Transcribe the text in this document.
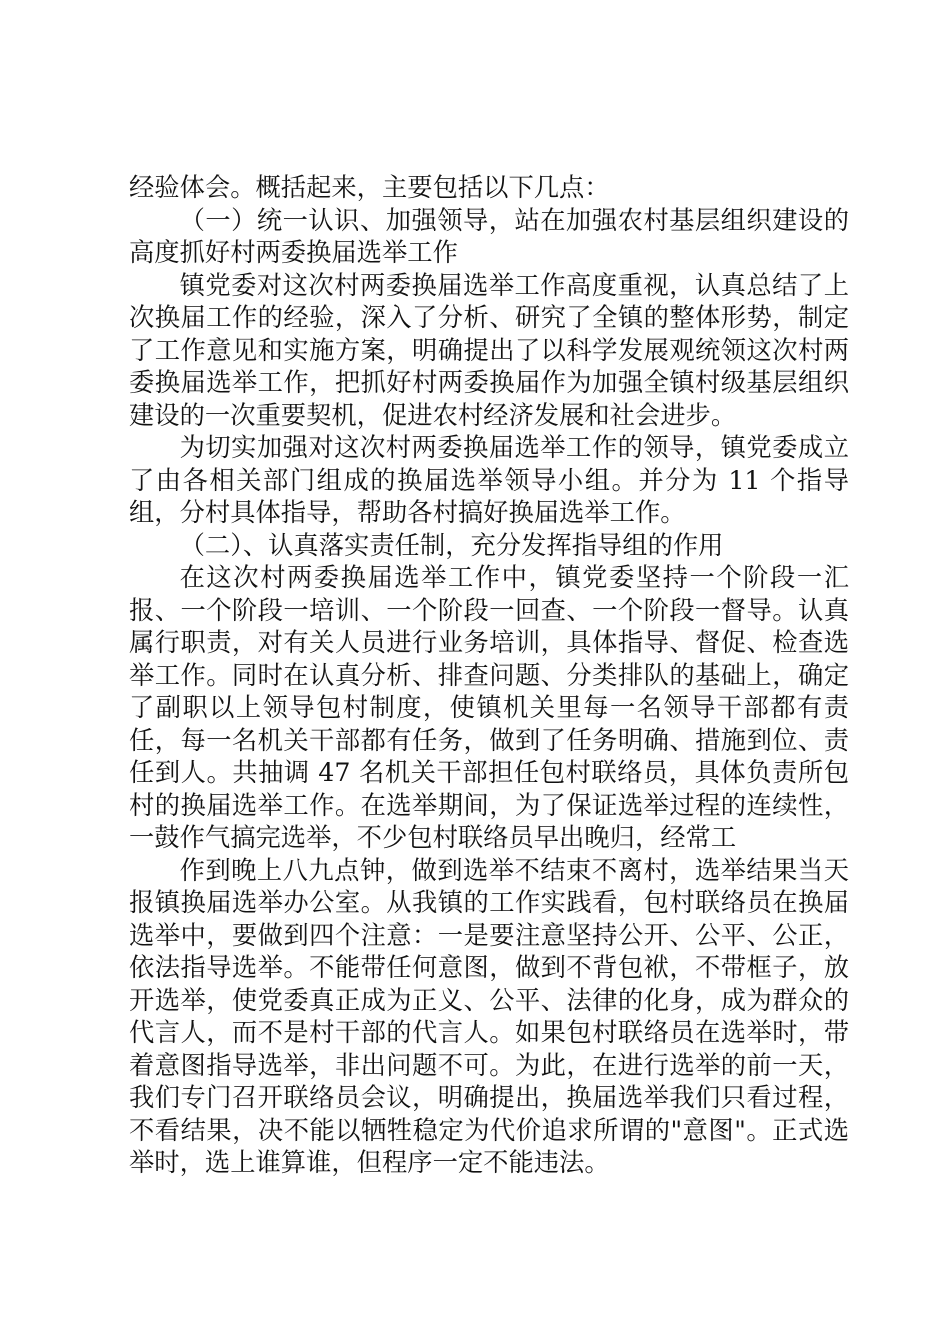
经验体会。概括起来，主要包括以下几点：

（一）统一认识、加强领导，站在加强农村基层组织建设的高度抓好村两委换届选举工作

镇党委对这次村两委换届选举工作高度重视，认真总结了上次换届工作的经验，深入了分析、研究了全镇的整体形势，制定了工作意见和实施方案，明确提出了以科学发展观统领这次村两委换届选举工作，把抓好村两委换届作为加强全镇村级基层组织建设的一次重要契机，促进农村经济发展和社会进步。

为切实加强对这次村两委换届选举工作的领导，镇党委成立了由各相关部门组成的换届选举领导小组。并分为 11 个指导组，分村具体指导，帮助各村搞好换届选举工作。

（二）、认真落实责任制，充分发挥指导组的作用

在这次村两委换届选举工作中，镇党委坚持一个阶段一汇报、一个阶段一培训、一个阶段一回查、一个阶段一督导。认真属行职责，对有关人员进行业务培训，具体指导、督促、检查选举工作。同时在认真分析、排查问题、分类排队的基础上，确定了副职以上领导包村制度，使镇机关里每一名领导干部都有责任，每一名机关干部都有任务，做到了任务明确、措施到位、责任到人。共抽调 47 名机关干部担任包村联络员，具体负责所包村的换届选举工作。在选举期间，为了保证选举过程的连续性，一鼓作气搞完选举，不少包村联络员早出晚归，经常工

作到晚上八九点钟，做到选举不结束不离村，选举结果当天报镇换届选举办公室。从我镇的工作实践看，包村联络员在换届选举中，要做到四个注意：一是要注意坚持公开、公平、公正，依法指导选举。不能带任何意图，做到不背包袱，不带框子，放开选举，使党委真正成为正义、公平、法律的化身，成为群众的代言人，而不是村干部的代言人。如果包村联络员在选举时，带着意图指导选举，非出问题不可。为此，在进行选举的前一天，我们专门召开联络员会议，明确提出，换届选举我们只看过程，不看结果，决不能以牺牲稳定为代价追求所谓的"意图"。正式选举时，选上谁算谁，但程序一定不能违法。
